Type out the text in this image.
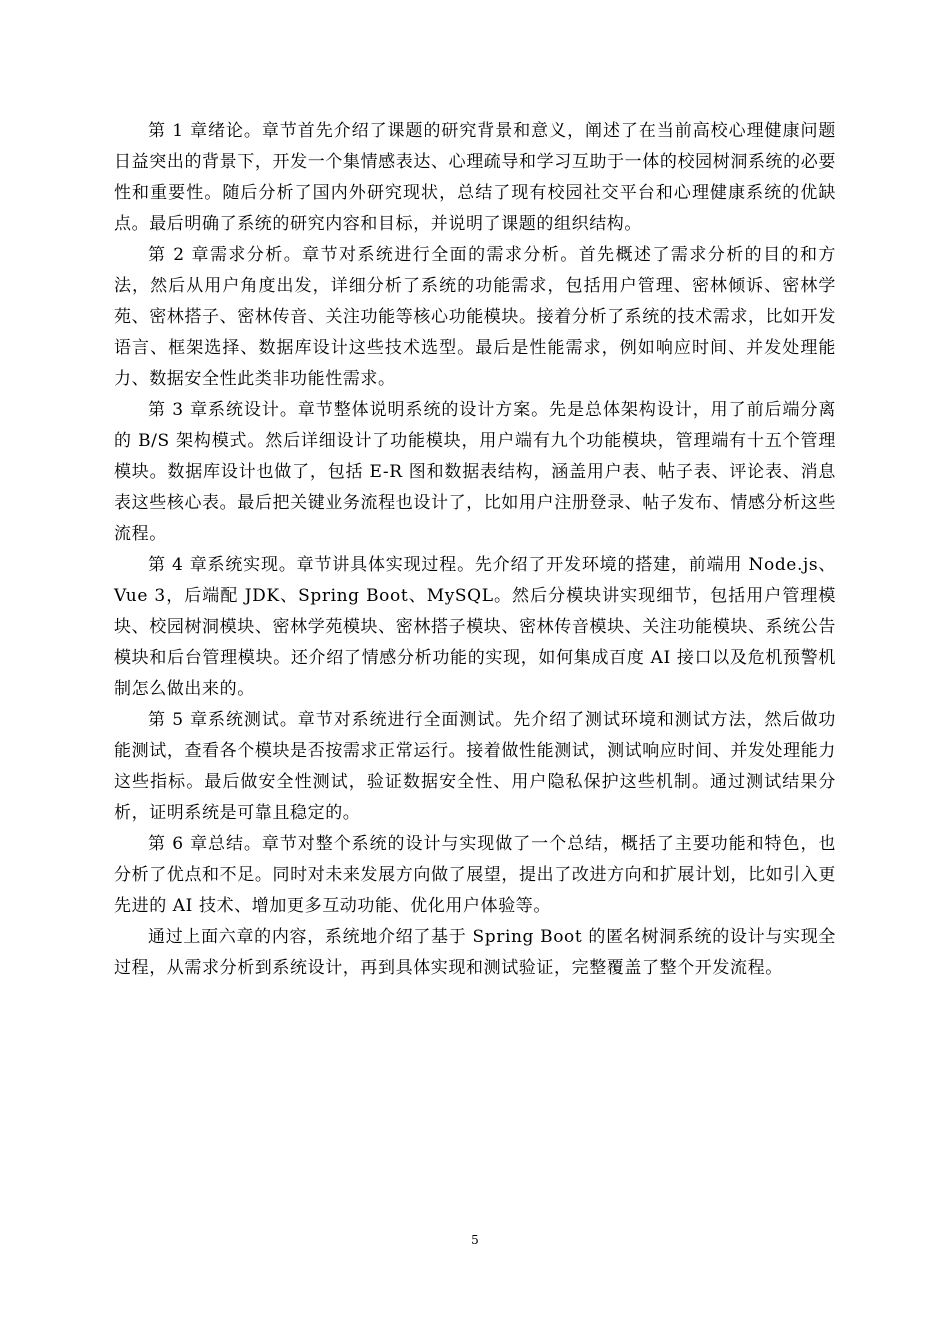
第 1 章绪论。章节首先介绍了课题的研究背景和意义，阐述了在当前高校心理健康问题日益突出的背景下，开发一个集情感表达、心理疏导和学习互助于一体的校园树洞系统的必要性和重要性。随后分析了国内外研究现状，总结了现有校园社交平台和心理健康系统的优缺点。最后明确了系统的研究内容和目标，并说明了课题的组织结构。

第 2 章需求分析。章节对系统进行全面的需求分析。首先概述了需求分析的目的和方法，然后从用户角度出发，详细分析了系统的功能需求，包括用户管理、密林倾诉、密林学苑、密林搭子、密林传音、关注功能等核心功能模块。接着分析了系统的技术需求，比如开发语言、框架选择、数据库设计这些技术选型。最后是性能需求，例如响应时间、并发处理能力、数据安全性此类非功能性需求。

第 3 章系统设计。章节整体说明系统的设计方案。先是总体架构设计，用了前后端分离的 B/S 架构模式。然后详细设计了功能模块，用户端有九个功能模块，管理端有十五个管理模块。数据库设计也做了，包括 E-R 图和数据表结构，涵盖用户表、帖子表、评论表、消息表这些核心表。最后把关键业务流程也设计了，比如用户注册登录、帖子发布、情感分析这些流程。

第 4 章系统实现。章节讲具体实现过程。先介绍了开发环境的搭建，前端用 Node.js、Vue 3，后端配 JDK、Spring Boot、MySQL。然后分模块讲实现细节，包括用户管理模块、校园树洞模块、密林学苑模块、密林搭子模块、密林传音模块、关注功能模块、系统公告模块和后台管理模块。还介绍了情感分析功能的实现，如何集成百度 AI 接口以及危机预警机制怎么做出来的。

第 5 章系统测试。章节对系统进行全面测试。先介绍了测试环境和测试方法，然后做功能测试，查看各个模块是否按需求正常运行。接着做性能测试，测试响应时间、并发处理能力这些指标。最后做安全性测试，验证数据安全性、用户隐私保护这些机制。通过测试结果分析，证明系统是可靠且稳定的。

第 6 章总结。章节对整个系统的设计与实现做了一个总结，概括了主要功能和特色，也分析了优点和不足。同时对未来发展方向做了展望，提出了改进方向和扩展计划，比如引入更先进的 AI 技术、增加更多互动功能、优化用户体验等。

通过上面六章的内容，系统地介绍了基于 Spring Boot 的匿名树洞系统的设计与实现全过程，从需求分析到系统设计，再到具体实现和测试验证，完整覆盖了整个开发流程。

5
